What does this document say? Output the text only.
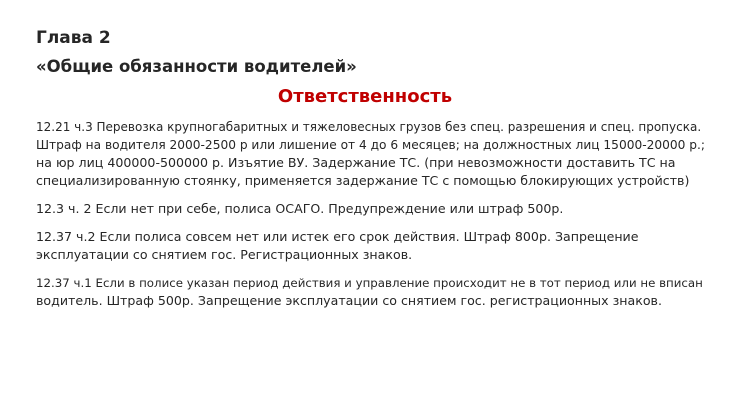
Глава 2
«Общие обязанности водителей»
Ответственность

12.21 ч.3 Перевозка крупногабаритных и тяжеловесных грузов без спец. разрешения и спец. пропуска.
Штраф на водителя 2000-2500 р или лишение от 4 до 6 месяцев; на должностных лиц 15000-20000 р.;
на юр лиц 400000-500000 р. Изъятие ВУ. Задержание ТС. (при невозможности доставить ТС на
специализированную стоянку, применяется задержание ТС с помощью блокирующих устройств)

12.3 ч. 2 Если нет при себе, полиса ОСАГО. Предупреждение или штраф 500р.

12.37 ч.2 Если полиса совсем нет или истек его срок действия. Штраф 800р. Запрещение
эксплуатации со снятием гос. Регистрационных знаков.

12.37 ч.1 Если в полисе указан период действия и управление происходит не в тот период или не вписан
водитель. Штраф 500р. Запрещение эксплуатации со снятием гос. регистрационных знаков.
